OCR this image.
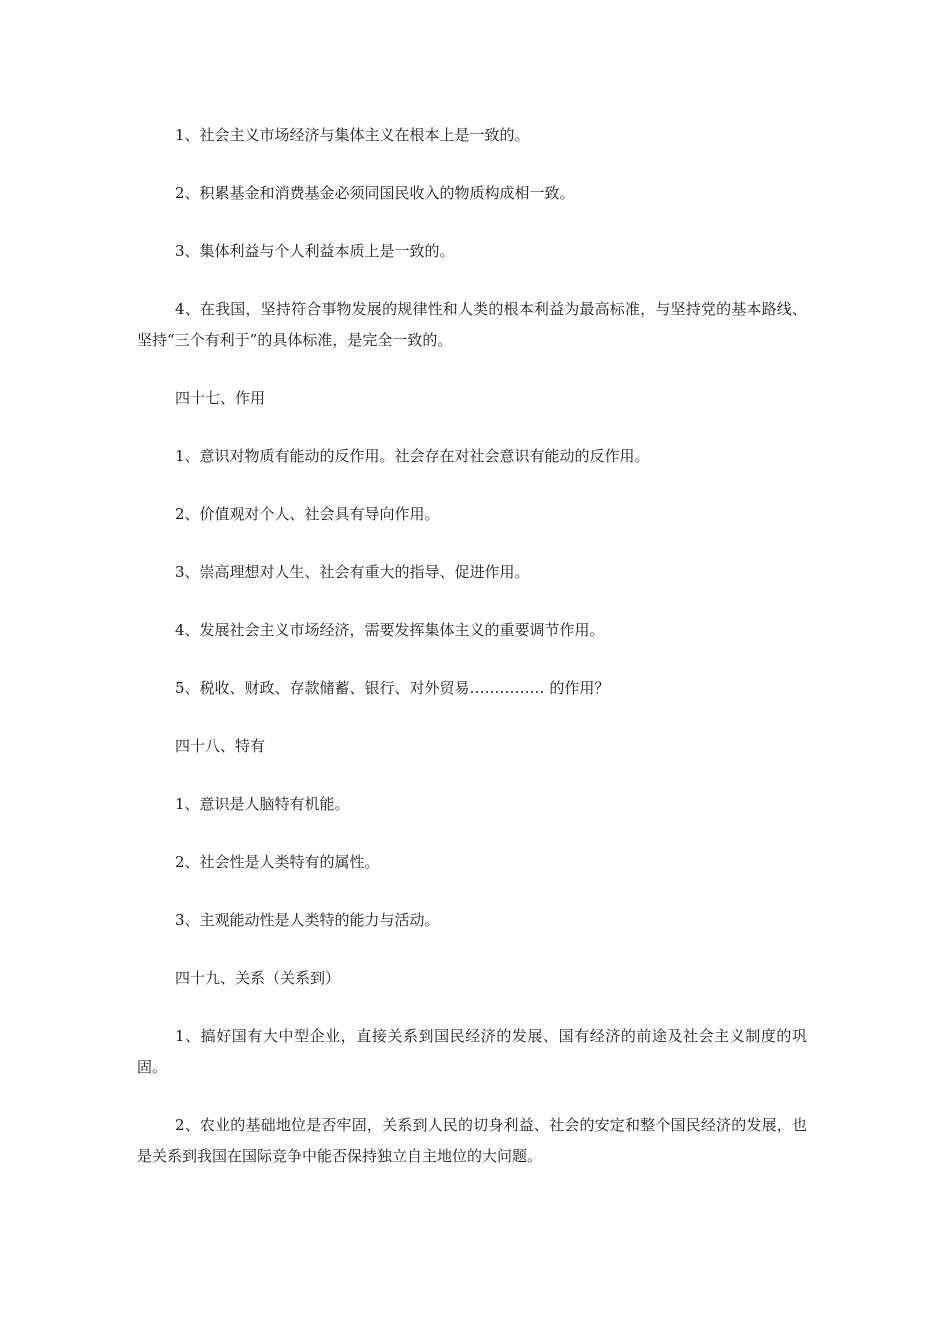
1、社会主义市场经济与集体主义在根本上是一致的。

2、积累基金和消费基金必须同国民收入的物质构成相一致。

3、集体利益与个人利益本质上是一致的。

4、在我国，坚持符合事物发展的规律性和人类的根本利益为最高标准，与坚持党的基本路线、坚持“三个有利于”的具体标准，是完全一致的。

四十七、作用

1、意识对物质有能动的反作用。社会存在对社会意识有能动的反作用。

2、价值观对个人、社会具有导向作用。

3、崇高理想对人生、社会有重大的指导、促进作用。

4、发展社会主义市场经济，需要发挥集体主义的重要调节作用。

5、税收、财政、存款储蓄、银行、对外贸易…………… 的作用？

四十八、特有

1、意识是人脑特有机能。

2、社会性是人类特有的属性。

3、主观能动性是人类特的能力与活动。

四十九、关系（关系到）

1、搞好国有大中型企业，直接关系到国民经济的发展、国有经济的前途及社会主义制度的巩固。

2、农业的基础地位是否牢固，关系到人民的切身利益、社会的安定和整个国民经济的发展，也是关系到我国在国际竞争中能否保持独立自主地位的大问题。
